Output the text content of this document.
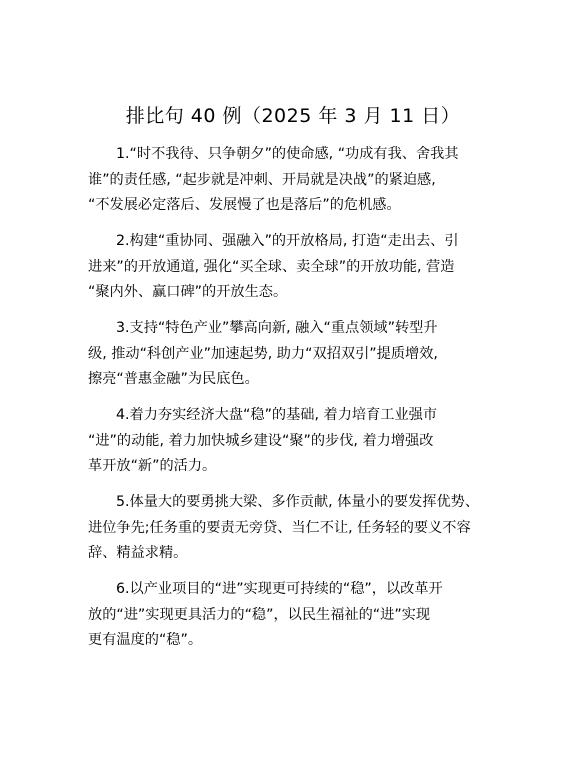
排比句 40 例（2025 年 3 月 11 日）
1.“时不我待、只争朝夕”的使命感, “功成有我、舍我其
谁”的责任感, “起步就是冲刺、开局就是决战”的紧迫感,
“不发展必定落后、发展慢了也是落后”的危机感。
2.构建“重协同、强融入”的开放格局, 打造“走出去、引
进来”的开放通道, 强化“买全球、卖全球”的开放功能, 营造
“聚内外、赢口碑”的开放生态。
3.支持“特色产业”攀高向新, 融入“重点领域”转型升
级, 推动“科创产业”加速起势, 助力“双招双引”提质增效,
擦亮“普惠金融”为民底色。
4.着力夯实经济大盘“稳”的基础, 着力培育工业强市
“进”的动能, 着力加快城乡建设“聚”的步伐, 着力增强改
革开放“新”的活力。
5.体量大的要勇挑大梁、多作贡献, 体量小的要发挥优势、
进位争先;任务重的要责无旁贷、当仁不让, 任务轻的要义不容
辞、精益求精。
6.以产业项目的“进”实现更可持续的“稳”，以改革开
放的“进”实现更具活力的“稳”，以民生福祉的“进”实现
更有温度的“稳”。
